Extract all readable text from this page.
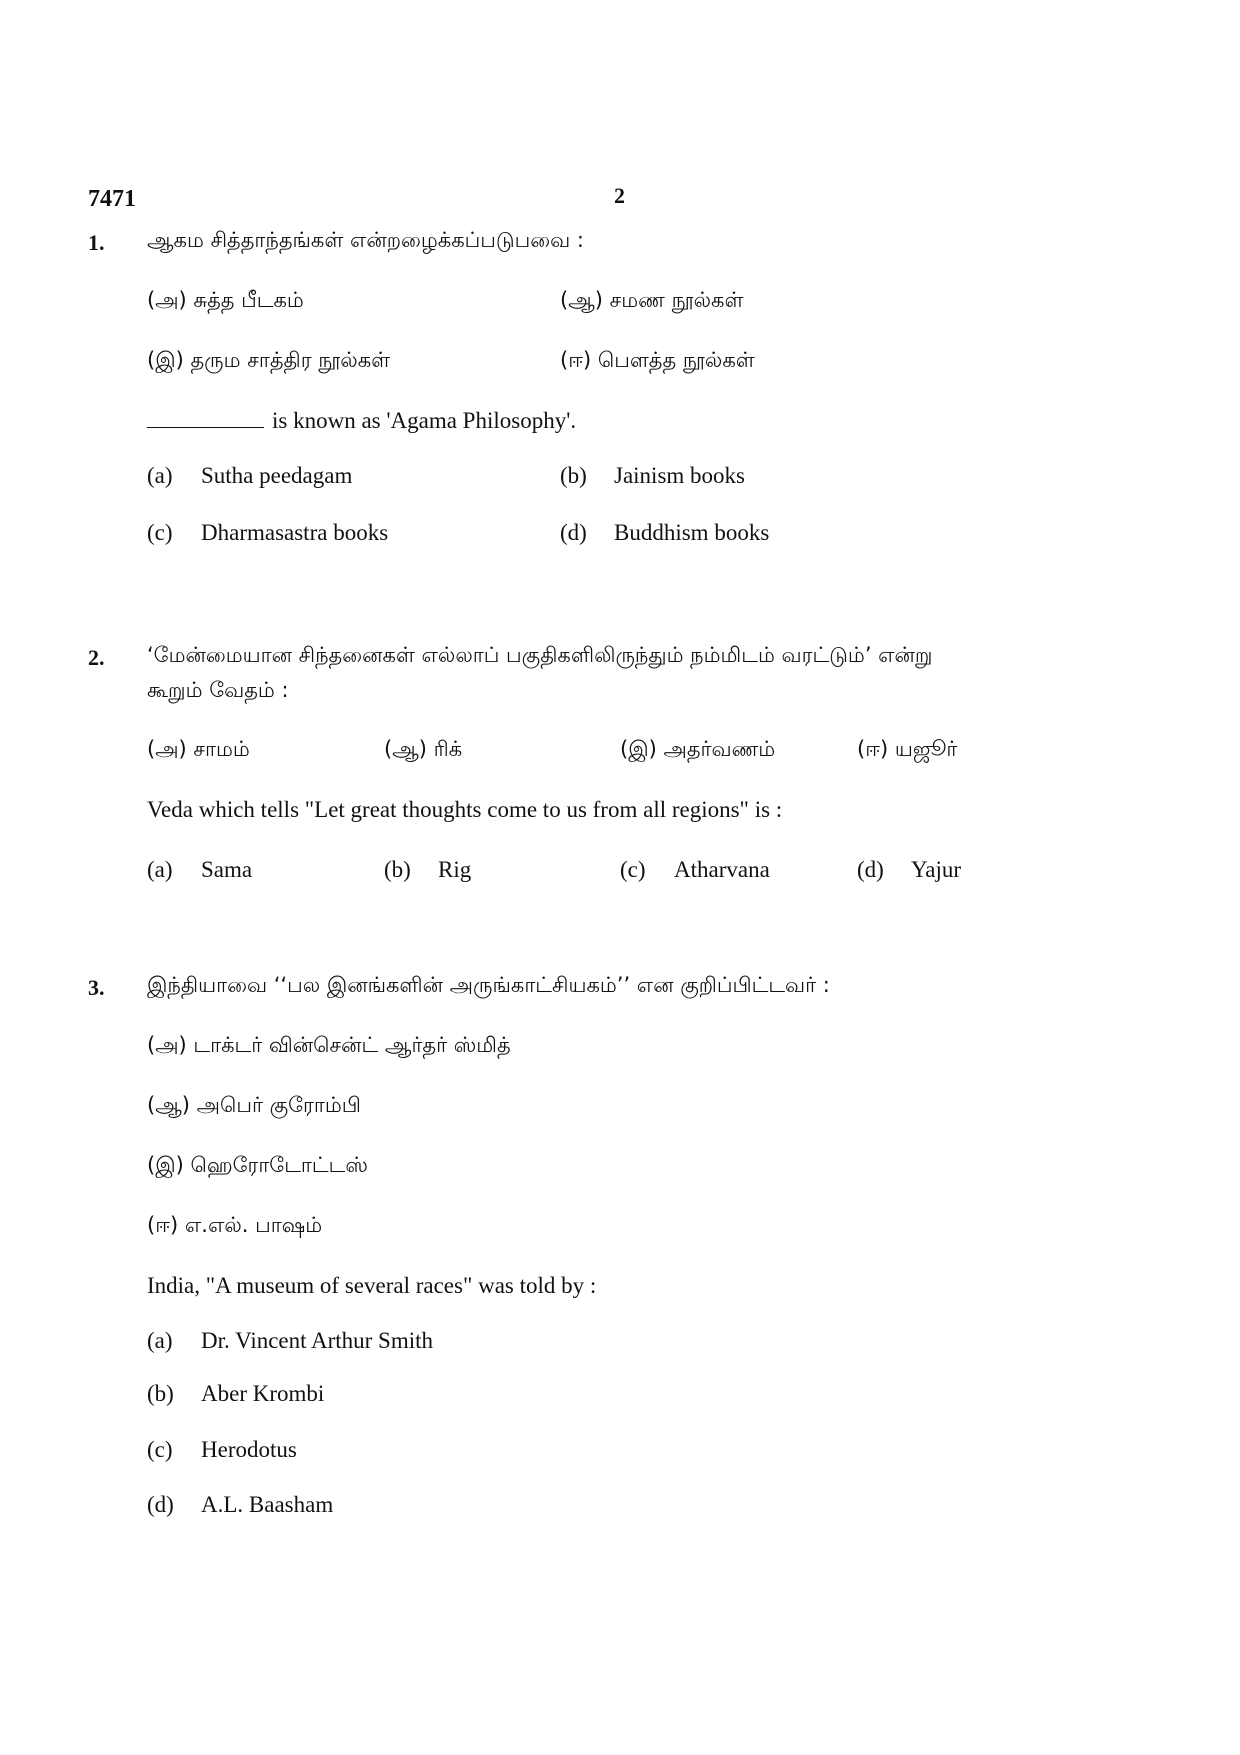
7471	2
1. ஆகம சித்தாந்தங்கள் என்றழைக்கப்படுபவை :
(அ) சுத்த பீடகம்	(ஆ) சமண நூல்கள்
(இ) தரும சாத்திர நூல்கள்	(ஈ) பௌத்த நூல்கள்
is known as 'Agama Philosophy'.
(a) Sutha peedagam	(b) Jainism books
(c) Dharmasastra books	(d) Buddhism books
2. ‘மேன்மையான சிந்தனைகள் எல்லாப் பகுதிகளிலிருந்தும் நம்மிடம் வரட்டும்’ என்று
கூறும் வேதம் :
(அ) சாமம்	(ஆ) ரிக்	(இ) அதர்வணம்	(ஈ) யஜூர்
Veda which tells "Let great thoughts come to us from all regions" is :
(a) Sama	(b) Rig	(c) Atharvana	(d) Yajur
3. இந்தியாவை ‘‘பல இனங்களின் அருங்காட்சியகம்’’ என குறிப்பிட்டவர் :
(அ) டாக்டர் வின்சென்ட் ஆர்தர் ஸ்மித்
(ஆ) அபெர் குரோம்பி
(இ) ஹெரோடோட்டஸ்
(ஈ) எ.எல். பாஷம்
India, "A museum of several races" was told by :
(a) Dr. Vincent Arthur Smith
(b) Aber Krombi
(c) Herodotus
(d) A.L. Baasham
